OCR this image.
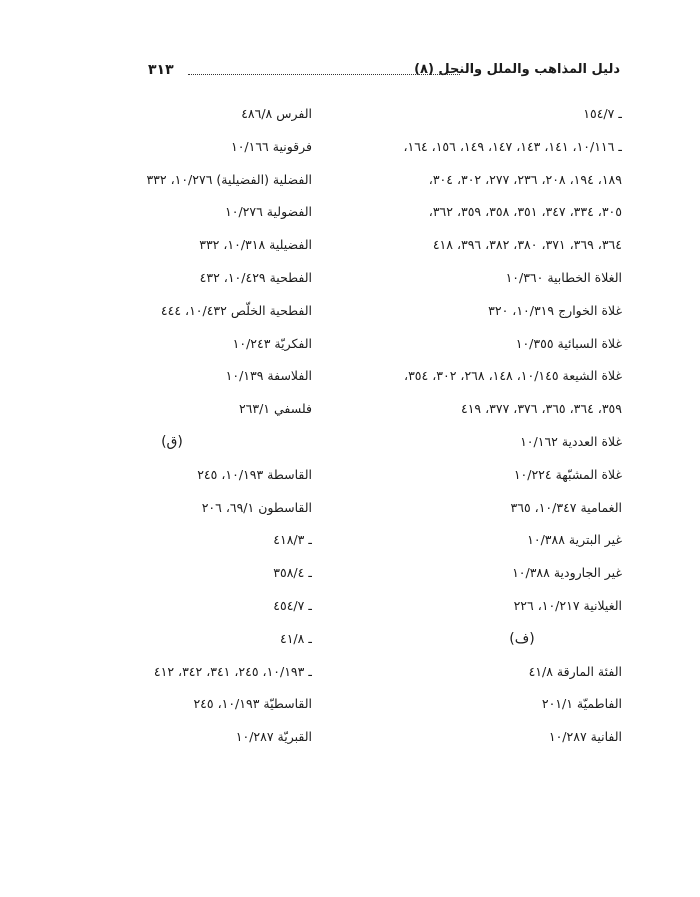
دليل المذاهب والملل والنحل (٨)
٣١٣
ـ ١٥٤/٧
ـ ١٠/١١٦، ١٤١، ١٤٣، ١٤٧، ١٤٩، ١٥٦، ١٦٤،
١٨٩، ١٩٤، ٢٠٨، ٢٣٦، ٢٧٧، ٣٠٢، ٣٠٤،
٣٠٥، ٣٣٤، ٣٤٧، ٣٥١، ٣٥٨، ٣٥٩، ٣٦٢،
٣٦٤، ٣٦٩، ٣٧١، ٣٨٠، ٣٨٢، ٣٩٦، ٤١٨
الغلاة الخطابية ١٠/٣٦٠
غلاة الخوارج ١٠/٣١٩، ٣٢٠
غلاة السبائية ١٠/٣٥٥
غلاة الشيعة ١٠/١٤٥، ١٤٨، ٢٦٨، ٣٠٢، ٣٥٤،
٣٥٩، ٣٦٤، ٣٦٥، ٣٧٦، ٣٧٧، ٤١٩
غلاة العددية ١٠/١٦٢
غلاة المشبّهة ١٠/٢٢٤
الغمامية ١٠/٣٤٧، ٣٦٥
غير البترية ١٠/٣٨٨
غير الجارودية ١٠/٣٨٨
الغيلانية ١٠/٢١٧، ٢٢٦
(ف)
الفئة المارقة ٤١/٨
الفاطميّة ٢٠١/١
الفانية ١٠/٢٨٧
الفرس ٤٨٦/٨
فرقونية ١٠/١٦٦
الفضلية (الفضيلية) ١٠/٢٧٦، ٣٣٢
الفضولية ١٠/٢٧٦
الفضيلية ١٠/٣١٨، ٣٣٢
الفطحية ١٠/٤٢٩، ٤٣٢
الفطحية الخلّص ١٠/٤٣٢، ٤٤٤
الفكريّة ١٠/٢٤٣
الفلاسفة ١٠/١٣٩
فلسفي ٢٦٣/١
(ق)
القاسطة ١٠/١٩٣، ٢٤٥
القاسطون ٦٩/١، ٢٠٦
ـ ٤١٨/٣
ـ ٣٥٨/٤
ـ ٤٥٤/٧
ـ ٤١/٨
ـ ١٠/١٩٣، ٢٤٥، ٣٤١، ٣٤٢، ٤١٢
القاسطيّة ١٠/١٩٣، ٢٤٥
القبريّة ١٠/٢٨٧
